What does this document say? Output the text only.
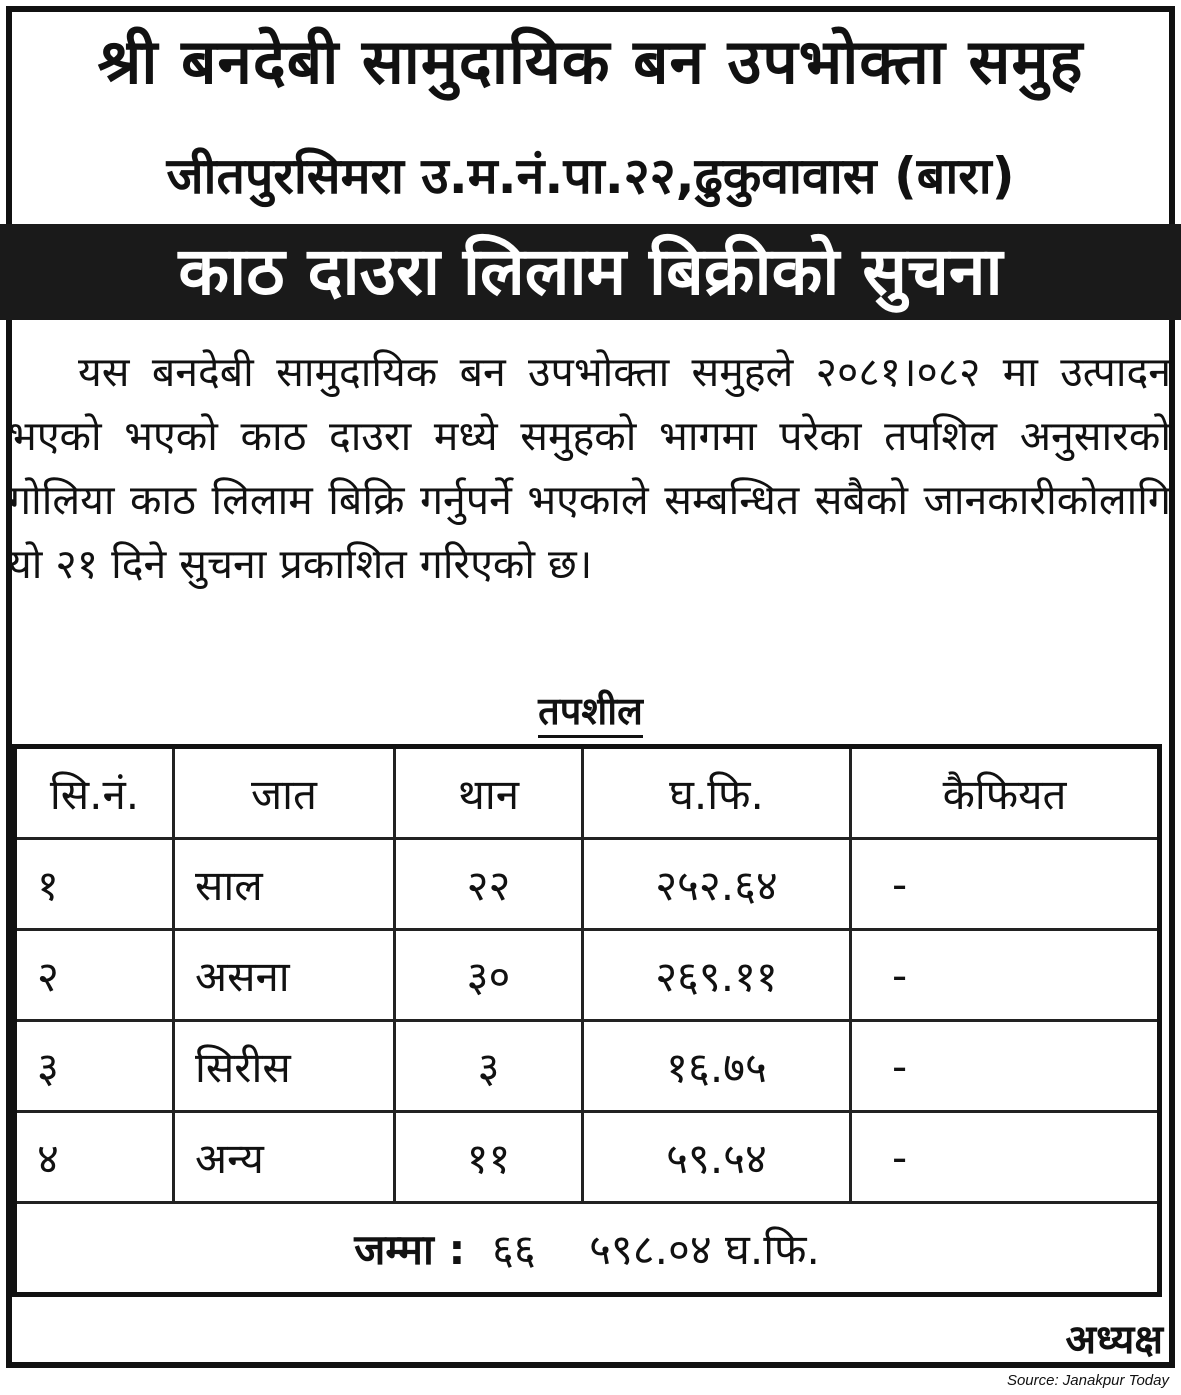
श्री बनदेबी सामुदायिक बन उपभोक्ता समुह
जीतपुरसिमरा उ.म.नं.पा.२२,ढुकुवावास (बारा)
काठ दाउरा लिलाम बिक्रीको सुचना
यस बनदेबी सामुदायिक बन उपभोक्ता समुहले २०८१।०८२ मा उत्पादन भएको भएको काठ दाउरा मध्ये समुहको भागमा परेका तपशिल अनुसारको गोलिया काठ लिलाम बिक्रि गर्नुपर्ने भएकाले सम्बन्धित सबैको जानकारीकोलागि यो २१ दिने सुचना प्रकाशित गरिएको छ।
तपशील
सि.नं.	जात	थान	घ.फि.	कैफियत
१	साल	२२	२५२.६४	-
२	असना	३०	२६९.११	-
३	सिरीस	३	१६.७५	-
४	अन्य	११	५९.५४	-
जम्मा : ६६ ५९८.०४ घ.फि.				
अध्यक्ष
Source: Janakpur Today
